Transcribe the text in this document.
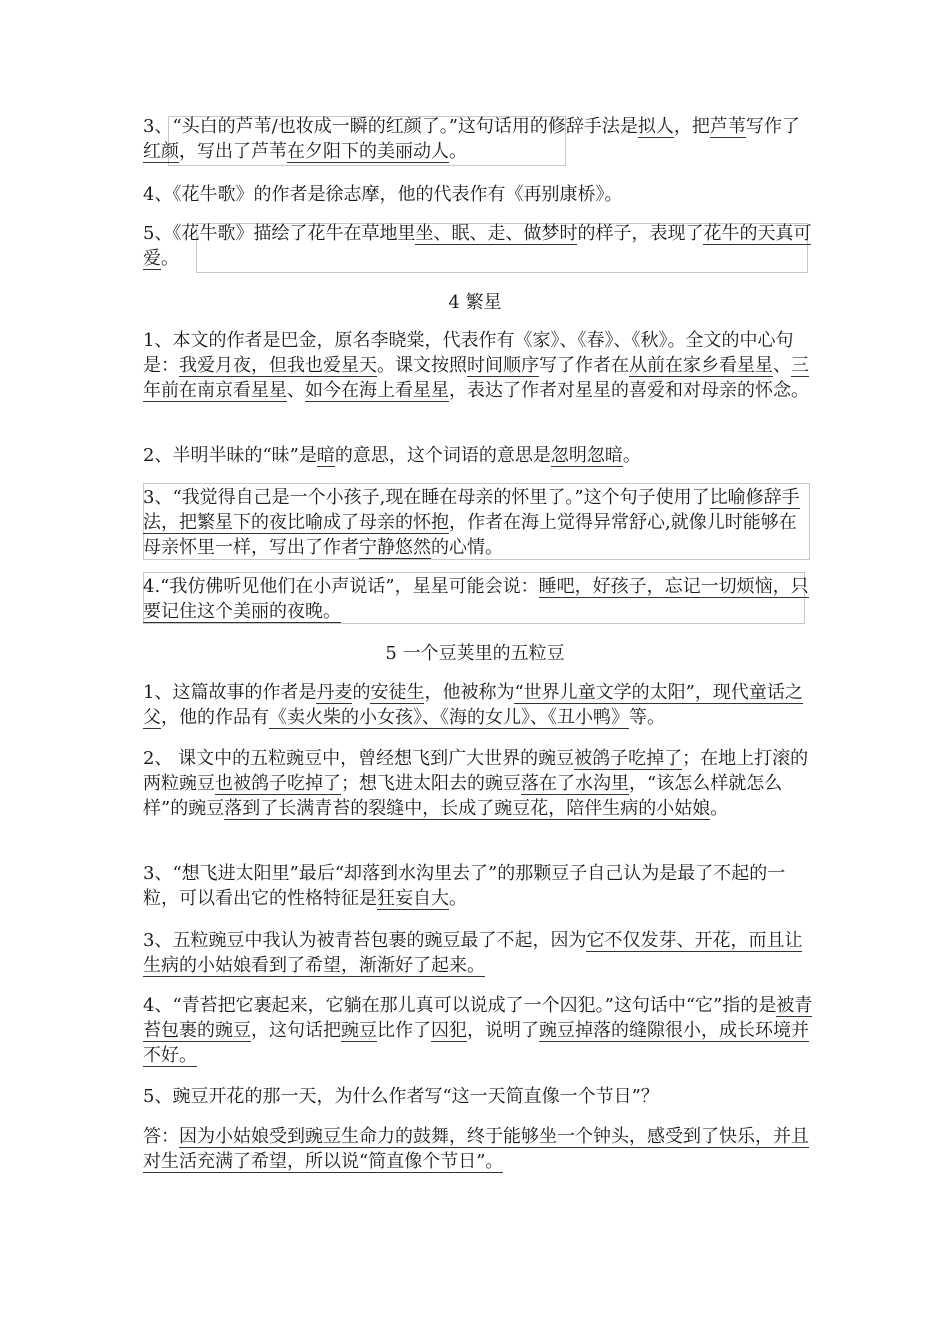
3、“头白的芦苇/也妆成一瞬的红颜了。”这句话用的修辞手法是拟人，把芦苇写作了红颜，写出了芦苇在夕阳下的美丽动人。

4、《花牛歌》的作者是徐志摩，他的代表作有《再别康桥》。

5、《花牛歌》描绘了花牛在草地里坐、眠、走、做梦时的样子，表现了花牛的天真可爱。

4 繁星

1、本文的作者是巴金，原名李晓棠，代表作有《家》、《春》、《秋》。全文的中心句是：我爱月夜，但我也爱星天。课文按照时间顺序写了作者在从前在家乡看星星、三年前在南京看星星、如今在海上看星星，表达了作者对星星的喜爱和对母亲的怀念。

2、半明半昧的“昧”是暗的意思，这个词语的意思是忽明忽暗。

3、“我觉得自己是一个小孩子,现在睡在母亲的怀里了。”这个句子使用了比喻修辞手法，把繁星下的夜比喻成了母亲的怀抱，作者在海上觉得异常舒心,就像儿时能够在母亲怀里一样，写出了作者宁静悠然的心情。

4.“我仿佛听见他们在小声说话”，星星可能会说：睡吧，好孩子，忘记一切烦恼，只要记住这个美丽的夜晚。

5 一个豆荚里的五粒豆

1、这篇故事的作者是丹麦的安徒生，他被称为“世界儿童文学的太阳”，现代童话之父，他的作品有《卖火柴的小女孩》、《海的女儿》、《丑小鸭》等。

2、 课文中的五粒豌豆中，曾经想飞到广大世界的豌豆被鸽子吃掉了；在地上打滚的两粒豌豆也被鸽子吃掉了；想飞进太阳去的豌豆落在了水沟里，“该怎么样就怎么样”的豌豆落到了长满青苔的裂缝中，长成了豌豆花，陪伴生病的小姑娘。

3、“想飞进太阳里”最后“却落到水沟里去了”的那颗豆子自己认为是最了不起的一粒，可以看出它的性格特征是狂妄自大。

3、五粒豌豆中我认为被青苔包裹的豌豆最了不起，因为它不仅发芽、开花，而且让生病的小姑娘看到了希望，渐渐好了起来。

4、“青苔把它裹起来，它躺在那儿真可以说成了一个囚犯。”这句话中“它”指的是被青苔包裹的豌豆，这句话把豌豆比作了囚犯，说明了豌豆掉落的缝隙很小，成长环境并不好。

5、豌豆开花的那一天，为什么作者写“这一天简直像一个节日”？

答：因为小姑娘受到豌豆生命力的鼓舞，终于能够坐一个钟头，感受到了快乐，并且对生活充满了希望，所以说“简直像个节日”。
